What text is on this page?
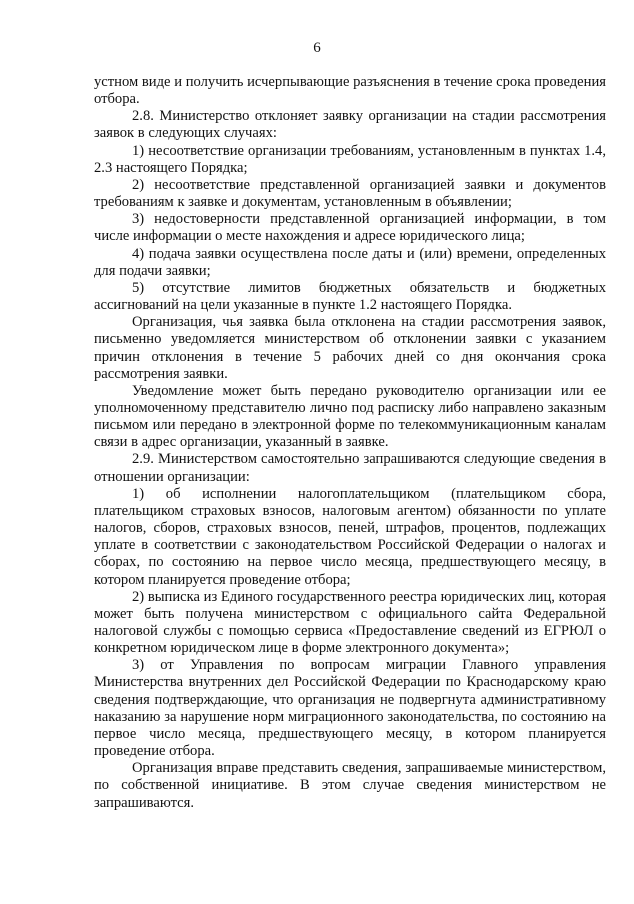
6

устном виде и получить исчерпывающие разъяснения в течение срока проведения отбора.

2.8. Министерство отклоняет заявку организации на стадии рассмотрения заявок в следующих случаях:

1) несоответствие организации требованиям, установленным в пунктах 1.4, 2.3 настоящего Порядка;

2) несоответствие представленной организацией заявки и документов требованиям к заявке и документам, установленным в объявлении;

3) недостоверности представленной организацией информации, в том числе информации о месте нахождения и адресе юридического лица;

4) подача заявки осуществлена после даты и (или) времени, определенных для подачи заявки;

5) отсутствие лимитов бюджетных обязательств и бюджетных ассигнований на цели указанные в пункте 1.2 настоящего Порядка.

Организация, чья заявка была отклонена на стадии рассмотрения заявок, письменно уведомляется министерством об отклонении заявки с указанием причин отклонения в течение 5 рабочих дней со дня окончания срока рассмотрения заявки.

Уведомление может быть передано руководителю организации или ее уполномоченному представителю лично под расписку либо направлено заказным письмом или передано в электронной форме по телекоммуникационным каналам связи в адрес организации, указанный в заявке.

2.9. Министерством самостоятельно запрашиваются следующие сведения в отношении организации:

1) об исполнении налогоплательщиком (плательщиком сбора, плательщиком страховых взносов, налоговым агентом) обязанности по уплате налогов, сборов, страховых взносов, пеней, штрафов, процентов, подлежащих уплате в соответствии с законодательством Российской Федерации о налогах и сборах, по состоянию на первое число месяца, предшествующего месяцу, в котором планируется проведение отбора;

2) выписка из Единого государственного реестра юридических лиц, которая может быть получена министерством с официального сайта Федеральной налоговой службы с помощью сервиса «Предоставление сведений из ЕГРЮЛ о конкретном юридическом лице в форме электронного документа»;

3) от Управления по вопросам миграции Главного управления Министерства внутренних дел Российской Федерации по Краснодарскому краю сведения подтверждающие, что организация не подвергнута административному наказанию за нарушение норм миграционного законодательства, по состоянию на первое число месяца, предшествующего месяцу, в котором планируется проведение отбора.

Организация вправе представить сведения, запрашиваемые министерством, по собственной инициативе. В этом случае сведения министерством не запрашиваются.
